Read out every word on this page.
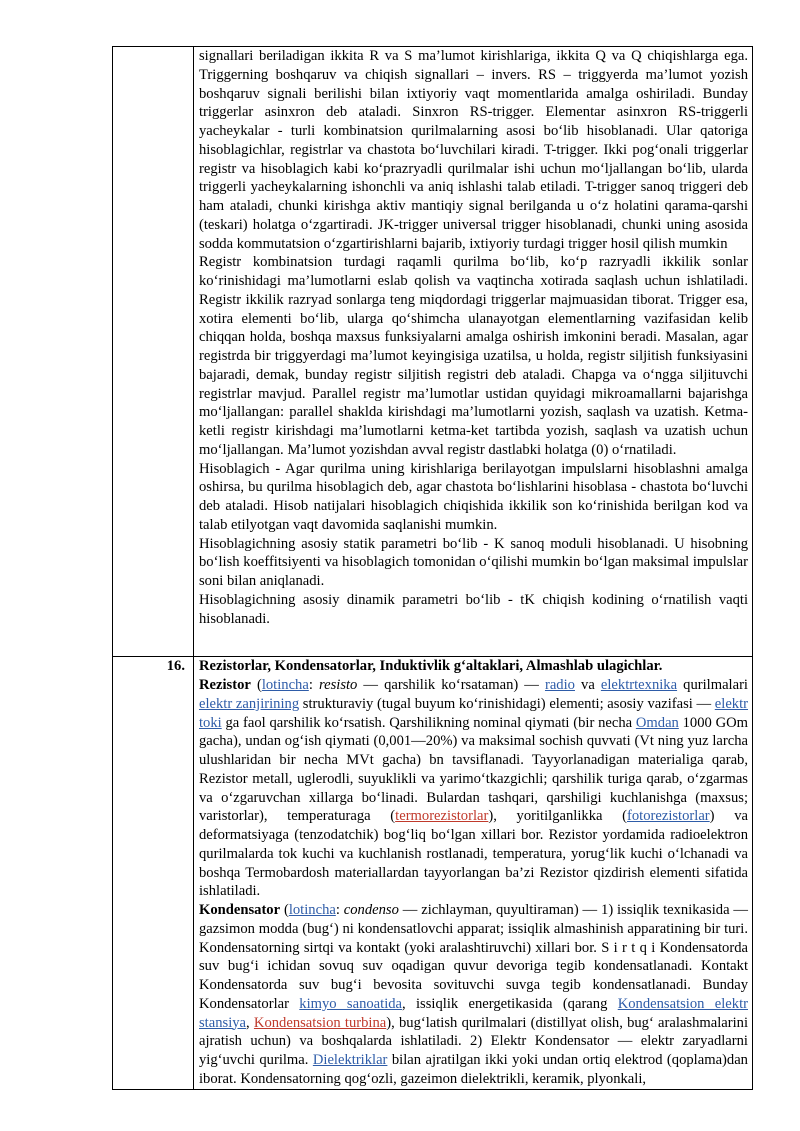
	signallari beriladigan ikkita R va S ma’lumot kirishlariga, ikkita Q va Q chiqishlarga ega. Triggerning boshqaruv va chiqish signallari – invers. RS – triggyerda ma’lumot yozish boshqaruv signali berilishi bilan ixtiyoriy vaqt momentlarida amalga oshiriladi. Bunday triggerlar asinxron deb ataladi. Sinxron RS-trigger. Elementar asinxron RS-triggerli yacheykalar - turli kombinatsion qurilmalarning asosi bo‘lib hisoblanadi. Ular qatoriga hisoblagichlar, registrlar va chastota bo‘luvchilari kiradi. T-trigger. Ikki pog‘onali triggerlar registr va hisoblagich kabi ko‘prazryadli qurilmalar ishi uchun mo‘ljallangan bo‘lib, ularda triggerli yacheykalarning ishonchli va aniq ishlashi talab etiladi. T-trigger sanoq triggeri deb ham ataladi, chunki kirishga aktiv mantiqiy signal berilganda u o‘z holatini qarama-qarshi (teskari) holatga o‘zgartiradi. JK-trigger universal trigger hisoblanadi, chunki uning asosida sodda kommutatsion o‘zgartirishlarni bajarib, ixtiyoriy turdagi trigger hosil qilish mumkin

Registr kombinatsion turdagi raqamli qurilma bo‘lib, ko‘p razryadli ikkilik sonlar ko‘rinishidagi ma’lumotlarni eslab qolish va vaqtincha xotirada saqlash uchun ishlatiladi. Registr ikkilik razryad sonlarga teng miqdordagi triggerlar majmuasidan tiborat. Trigger esa, xotira elementi bo‘lib, ularga qo‘shimcha ulanayotgan elementlarning vazifasidan kelib chiqqan holda, boshqa maxsus funksiyalarni amalga oshirish imkonini beradi. Masalan, agar registrda bir triggyerdagi ma’lumot keyingisiga uzatilsa, u holda, registr siljitish funksiyasini bajaradi, demak, bunday registr siljitish registri deb ataladi. Chapga va o‘ngga siljituvchi registrlar mavjud. Parallel registr ma’lumotlar ustidan quyidagi mikroamallarni bajarishga mo‘ljallangan: parallel shaklda kirishdagi ma’lumotlarni yozish, saqlash va uzatish. Ketma-ketli registr kirishdagi ma’lumotlarni ketma-ket tartibda yozish, saqlash va uzatish uchun mo‘ljallangan. Ma’lumot yozishdan avval registr dastlabki holatga (0) o‘rnatiladi.

Hisoblagich - Agar qurilma uning kirishlariga berilayotgan impulslarni hisoblashni amalga oshirsa, bu qurilma hisoblagich deb, agar chastota bo‘lishlarini hisoblasa - chastota bo‘luvchi deb ataladi. Hisob natijalari hisoblagich chiqishida ikkilik son ko‘rinishida berilgan kod va talab etilyotgan vaqt davomida saqlanishi mumkin.

Hisoblagichning asosiy statik parametri bo‘lib - K sanoq moduli hisoblanadi. U hisobning bo‘lish koeffitsiyenti va hisoblagich tomonidan o‘qilishi mumkin bo‘lgan maksimal impulslar soni bilan aniqlanadi.

Hisoblagichning asosiy dinamik parametri bo‘lib - tK chiqish kodining o‘rnatilish vaqti hisoblanadi.

16.	Rezistorlar, Kondensatorlar, Induktivlik g‘altaklari, Almashlab ulagichlar.

Rezistor (lotincha: resisto — qarshilik ko‘rsataman) — radio va elektrtexnika qurilmalari elektr zanjirining strukturaviy (tugal buyum ko‘rinishidagi) elementi; asosiy vazifasi — elektr toki ga faol qarshilik ko‘rsatish. Qarshilikning nominal qiymati (bir necha Omdan 1000 GOm gacha), undan og‘ish qiymati (0,001—20%) va maksimal sochish quvvati (Vt ning yuz larcha ulushlaridan bir necha MVt gacha) bn tavsiflanadi. Tayyorlanadigan materialiga qarab, Rezistor metall, uglerodli, suyuklikli va yarimo‘tkazgichli; qarshilik turiga qarab, o‘zgarmas va o‘zgaruvchan xillarga bo‘linadi. Bulardan tashqari, qarshiligi kuchlanishga (maxsus; varistorlar), temperaturaga (termorezistorlar), yoritilganlikka (fotorezistorlar) va deformatsiyaga (tenzodatchik) bog‘liq bo‘lgan xillari bor. Rezistor yordamida radioelektron qurilmalarda tok kuchi va kuchlanish rostlanadi, temperatura, yorug‘lik kuchi o‘lchanadi va boshqa Termobardosh materiallardan tayyorlangan ba’zi Rezistor qizdirish elementi sifatida ishlatiladi.

Kondensator (lotincha: condenso — zichlayman, quyultiraman) — 1) issiqlik texnikasida — gazsimon modda (bug‘) ni kondensatlovchi apparat; issiqlik almashinish apparatining bir turi. Kondensatorning sirtqi va kontakt (yoki aralashtiruvchi) xillari bor. S i r t q i Kondensatorda suv bug‘i ichidan sovuq suv oqadigan quvur devoriga tegib kondensatlanadi. Kontakt Kondensatorda suv bug‘i bevosita sovituvchi suvga tegib kondensatlanadi. Bunday Kondensatorlar kimyo sanoatida, issiqlik energetikasida (qarang Kondensatsion elektr stansiya, Kondensatsion turbina), bug‘latish qurilmalari (distillyat olish, bug‘ aralashmalarini ajratish uchun) va boshqalarda ishlatiladi. 2) Elektr Kondensator — elektr zaryadlarni yig‘uvchi qurilma. Dielektriklar bilan ajratilgan ikki yoki undan ortiq elektrod (qoplama)dan iborat. Kondensatorning qog‘ozli, gazeimon dielektrikli, keramik, plyonkali,
